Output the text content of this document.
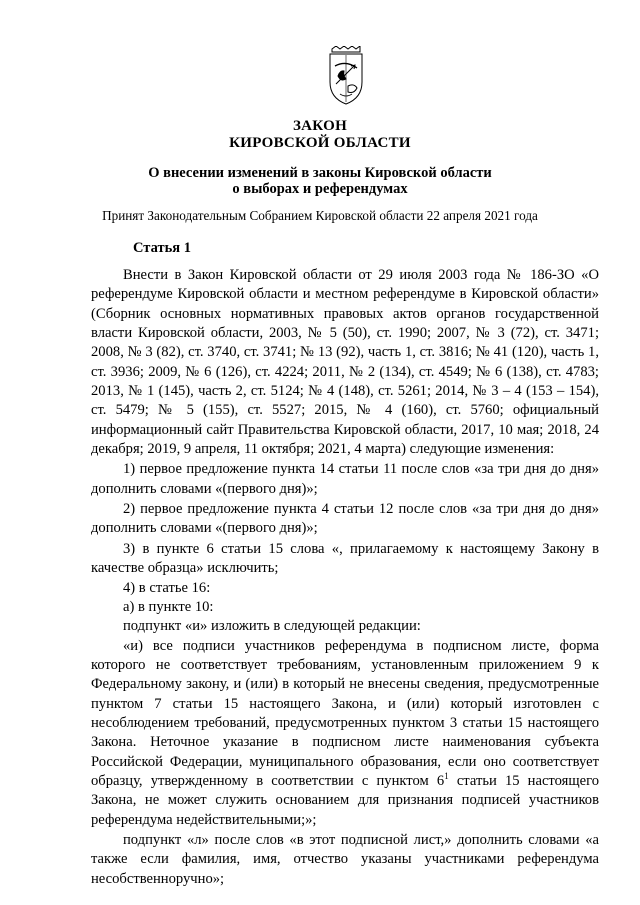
ЗАКОН
КИРОВСКОЙ ОБЛАСТИ
О внесении изменений в законы Кировской области
о выборах и референдумах
Принят Законодательным Собранием Кировской области 22 апреля 2021 года
Статья 1

Внести в Закон Кировской области от 29 июля 2003 года № 186-ЗО «О референдуме Кировской области и местном референдуме в Кировской области» (Сборник основных нормативных правовых актов органов государственной власти Кировской области, 2003, № 5 (50), ст. 1990; 2007, № 3 (72), ст. 3471; 2008, № 3 (82), ст. 3740, ст. 3741; № 13 (92), часть 1, ст. 3816; № 41 (120), часть 1, ст. 3936; 2009, № 6 (126), ст. 4224; 2011, № 2 (134), ст. 4549; № 6 (138), ст. 4783; 2013, № 1 (145), часть 2, ст. 5124; № 4 (148), ст. 5261; 2014, № 3 – 4 (153 – 154), ст. 5479; № 5 (155), ст. 5527; 2015, № 4 (160), ст. 5760; официальный информационный сайт Правительства Кировской области, 2017, 10 мая; 2018, 24 декабря; 2019, 9 апреля, 11 октября; 2021, 4 марта) следующие изменения:

1) первое предложение пункта 14 статьи 11 после слов «за три дня до дня» дополнить словами «(первого дня)»;

2) первое предложение пункта 4 статьи 12 после слов «за три дня до дня» дополнить словами «(первого дня)»;

3) в пункте 6 статьи 15 слова «, прилагаемому к настоящему Закону в качестве образца» исключить;

4) в статье 16:

а) в пункте 10:

подпункт «и» изложить в следующей редакции:

«и) все подписи участников референдума в подписном листе, форма которого не соответствует требованиям, установленным приложением 9 к Федеральному закону, и (или) в который не внесены сведения, предусмотренные пунктом 7 статьи 15 настоящего Закона, и (или) который изготовлен с несоблюдением требований, предусмотренных пунктом 3 статьи 15 настоящего Закона. Неточное указание в подписном листе наименования субъекта Российской Федерации, муниципального образования, если оно соответствует образцу, утвержденному в соответствии с пунктом $6^1$ статьи 15 настоящего Закона, не может служить основанием для признания подписей участников референдума недействительными;»;

подпункт «л» после слов «в этот подписной лист,» дополнить словами «а также если фамилия, имя, отчество указаны участниками референдума несобственноручно»;
